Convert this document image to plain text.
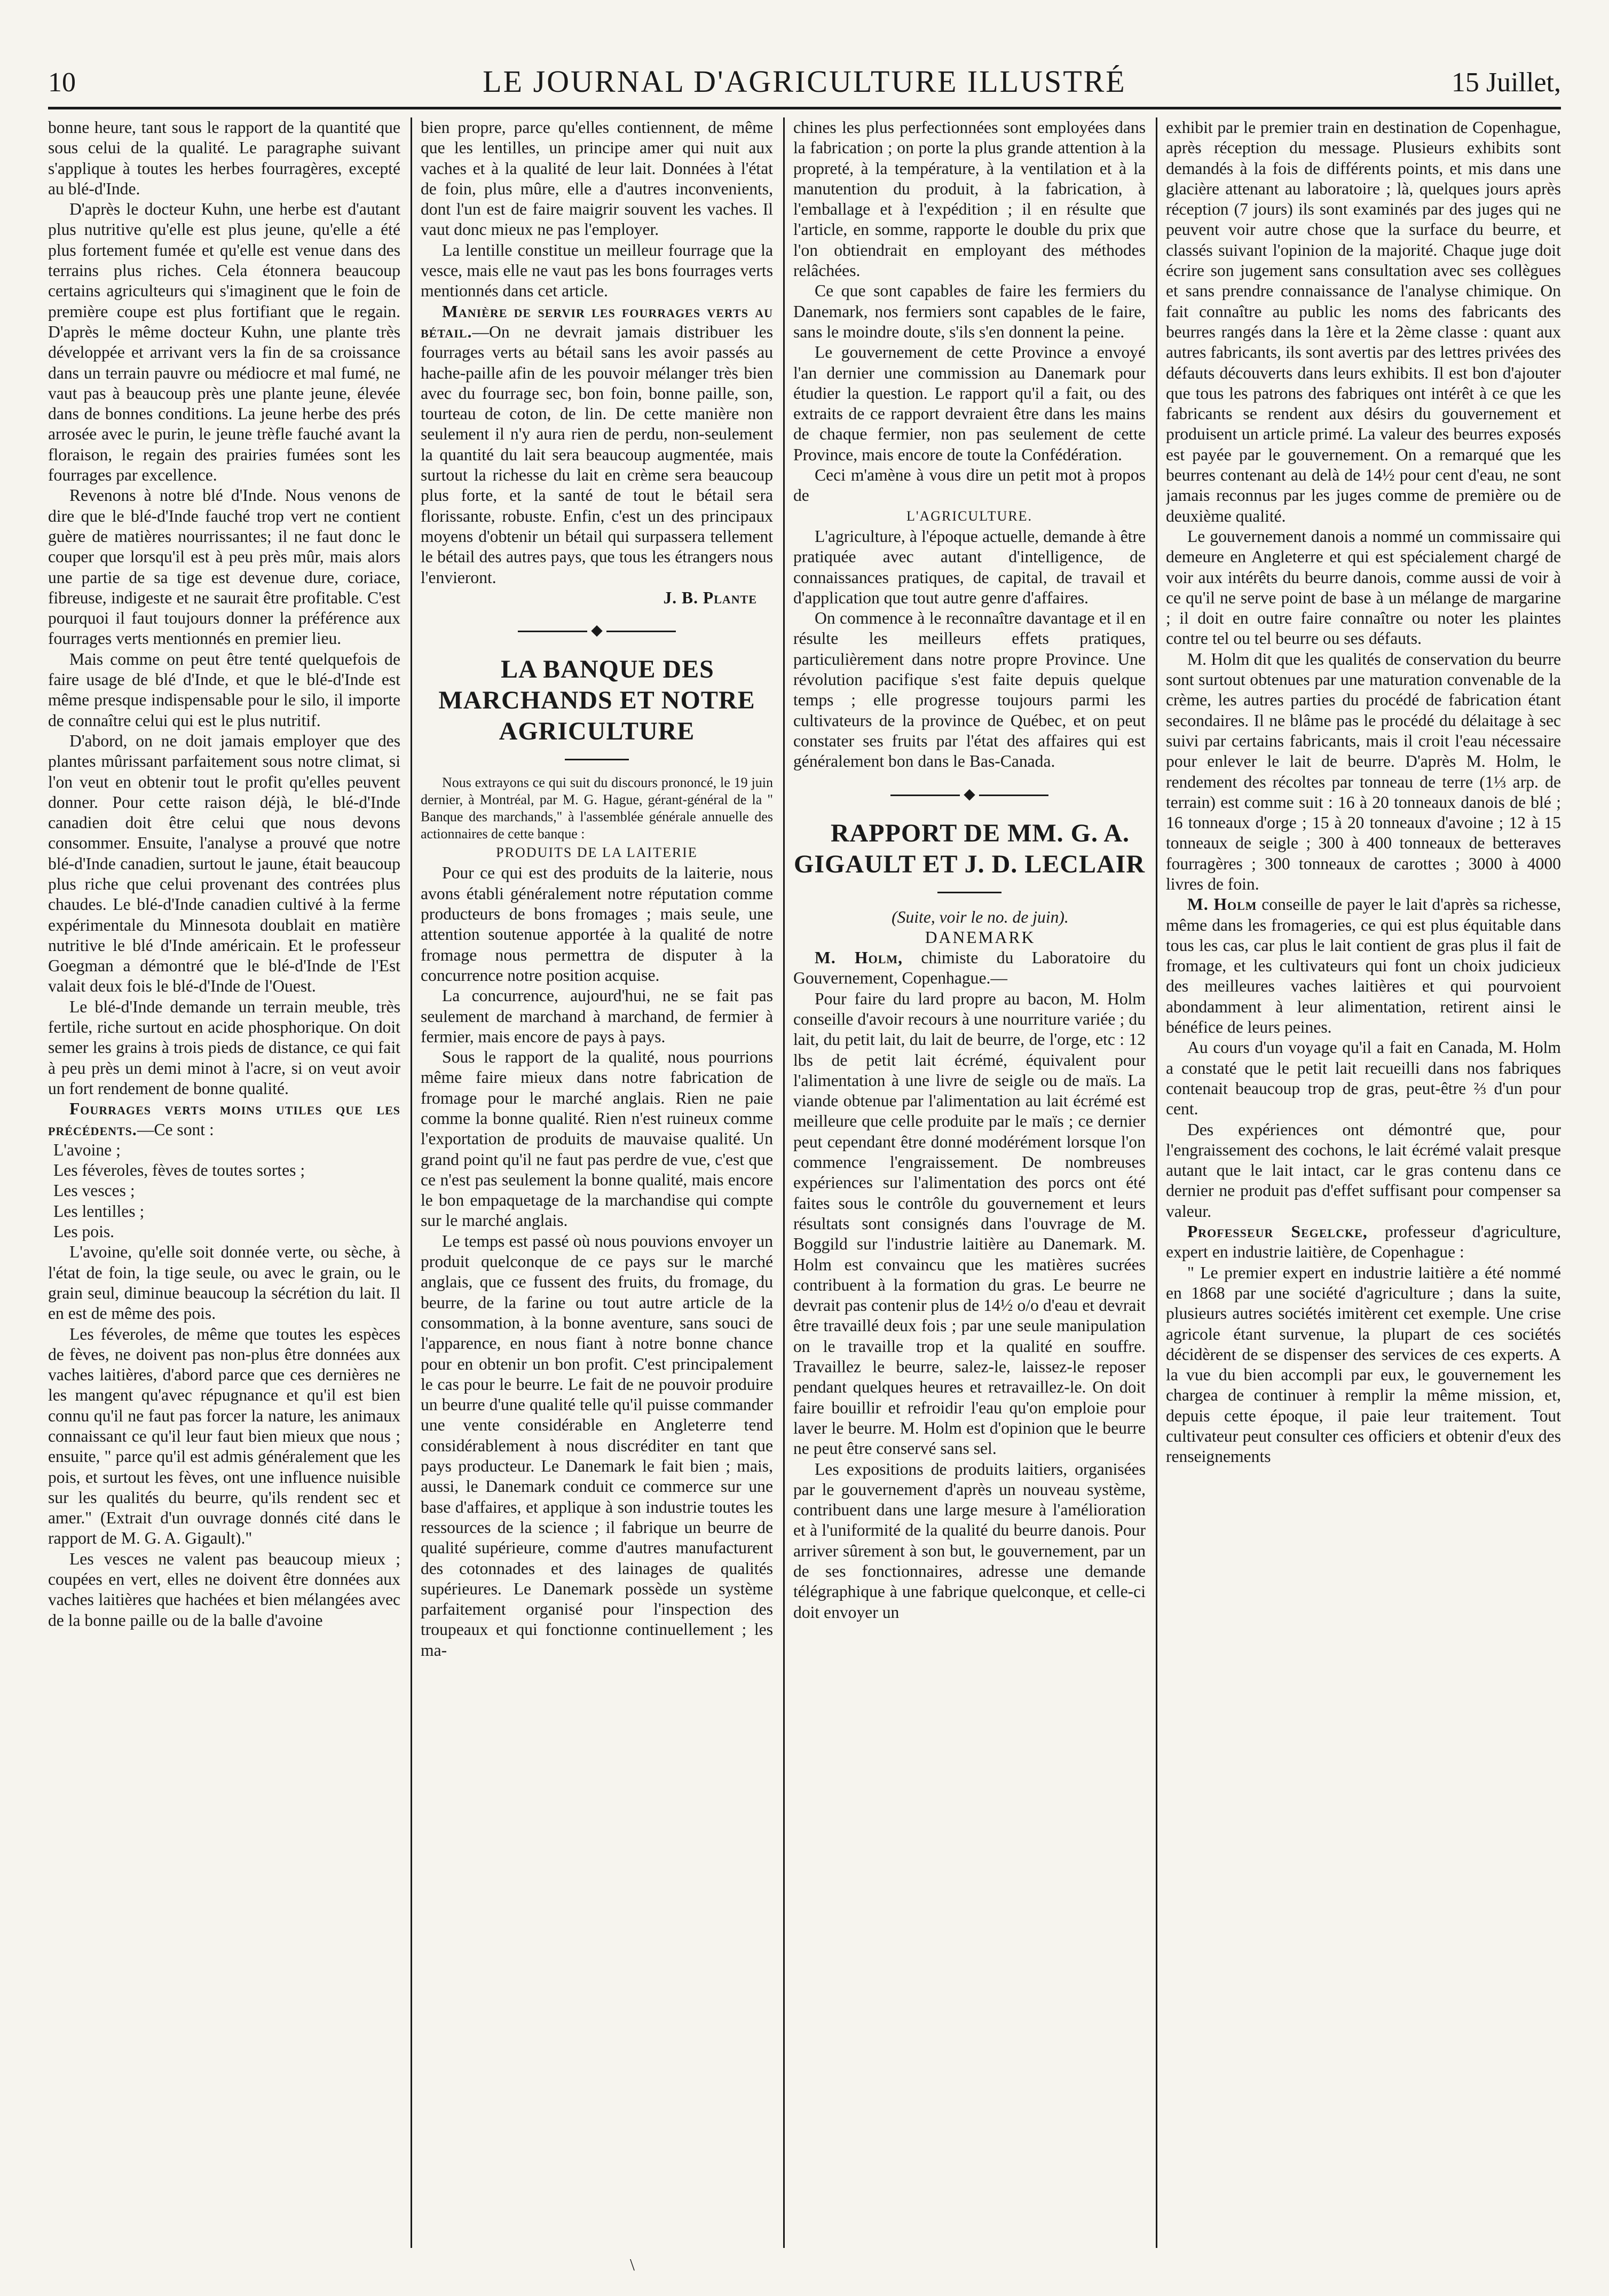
10	LE JOURNAL D'AGRICULTURE ILLUSTRÉ	15 Juillet,

bonne heure, tant sous le rapport de la quantité que sous celui de la qualité. Le paragraphe suivant s'applique à toutes les herbes fourragères, excepté au blé-d'Inde.

D'après le docteur Kuhn, une herbe est d'autant plus nutritive qu'elle est plus jeune, qu'elle a été plus fortement fumée et qu'elle est venue dans des terrains plus riches. Cela étonnera beaucoup certains agriculteurs qui s'imaginent que le foin de première coupe est plus fortifiant que le regain. D'après le même docteur Kuhn, une plante très développée et arrivant vers la fin de sa croissance dans un terrain pauvre ou médiocre et mal fumé, ne vaut pas à beaucoup près une plante jeune, élevée dans de bonnes conditions. La jeune herbe des prés arrosée avec le purin, le jeune trèfle fauché avant la floraison, le regain des prairies fumées sont les fourrages par excellence.

Revenons à notre blé d'Inde. Nous venons de dire que le blé-d'Inde fauché trop vert ne contient guère de matières nourrissantes; il ne faut donc le couper que lorsqu'il est à peu près mûr, mais alors une partie de sa tige est devenue dure, coriace, fibreuse, indigeste et ne saurait être profitable. C'est pourquoi il faut toujours donner la préférence aux fourrages verts mentionnés en premier lieu.

Mais comme on peut être tenté quelquefois de faire usage de blé d'Inde, et que le blé-d'Inde est même presque indispensable pour le silo, il importe de connaître celui qui est le plus nutritif.

D'abord, on ne doit jamais employer que des plantes mûrissant parfaitement sous notre climat, si l'on veut en obtenir tout le profit qu'elles peuvent donner. Pour cette raison déjà, le blé-d'Inde canadien doit être celui que nous devons consommer. Ensuite, l'analyse a prouvé que notre blé-d'Inde canadien, surtout le jaune, était beaucoup plus riche que celui provenant des contrées plus chaudes. Le blé-d'Inde canadien cultivé à la ferme expérimentale du Minnesota doublait en matière nutritive le blé d'Inde américain. Et le professeur Goegman a démontré que le blé-d'Inde de l'Est valait deux fois le blé-d'Inde de l'Ouest.

Le blé-d'Inde demande un terrain meuble, très fertile, riche surtout en acide phosphorique. On doit semer les grains à trois pieds de distance, ce qui fait à peu près un demi minot à l'acre, si on veut avoir un fort rendement de bonne qualité.

Fourrages verts moins utiles que les précédents.—Ce sont :

L'avoine ;

Les féveroles, fèves de toutes sortes ;

Les vesces ;

Les lentilles ;

Les pois.

L'avoine, qu'elle soit donnée verte, ou sèche, à l'état de foin, la tige seule, ou avec le grain, ou le grain seul, diminue beaucoup la sécrétion du lait. Il en est de même des pois.

Les féveroles, de même que toutes les espèces de fèves, ne doivent pas non-plus être données aux vaches laitières, d'abord parce que ces dernières ne les mangent qu'avec répugnance et qu'il est bien connu qu'il ne faut pas forcer la nature, les animaux connaissant ce qu'il leur faut bien mieux que nous ; ensuite, " parce qu'il est admis généralement que les pois, et surtout les fèves, ont une influence nuisible sur les qualités du beurre, qu'ils rendent sec et amer." (Extrait d'un ouvrage donnés cité dans le rapport de M. G. A. Gigault)."

Les vesces ne valent pas beaucoup mieux ; coupées en vert, elles ne doivent être données aux vaches laitières que hachées et bien mélangées avec de la bonne paille ou de la balle d'avoine

bien propre, parce qu'elles contiennent, de même que les lentilles, un principe amer qui nuit aux vaches et à la qualité de leur lait. Données à l'état de foin, plus mûre, elle a d'autres inconvenients, dont l'un est de faire maigrir souvent les vaches. Il vaut donc mieux ne pas l'employer.

La lentille constitue un meilleur fourrage que la vesce, mais elle ne vaut pas les bons fourrages verts mentionnés dans cet article.

Manière de servir les fourrages verts au bétail.—On ne devrait jamais distribuer les fourrages verts au bétail sans les avoir passés au hache-paille afin de les pouvoir mélanger très bien avec du fourrage sec, bon foin, bonne paille, son, tourteau de coton, de lin. De cette manière non seulement il n'y aura rien de perdu, non-seulement la quantité du lait sera beaucoup augmentée, mais surtout la richesse du lait en crème sera beaucoup plus forte, et la santé de tout le bétail sera florissante, robuste. Enfin, c'est un des principaux moyens d'obtenir un bétail qui surpassera tellement le bétail des autres pays, que tous les étrangers nous l'envieront.

J. B. Plante

◆

LA BANQUE DES MARCHANDS ET NOTRE AGRICULTURE

Nous extrayons ce qui suit du discours prononcé, le 19 juin dernier, à Montréal, par M. G. Hague, gérant-général de la " Banque des marchands," à l'assemblée générale annuelle des actionnaires de cette banque :

PRODUITS DE LA LAITERIE

Pour ce qui est des produits de la laiterie, nous avons établi généralement notre réputation comme producteurs de bons fromages ; mais seule, une attention soutenue apportée à la qualité de notre fromage nous permettra de disputer à la concurrence notre position acquise.

La concurrence, aujourd'hui, ne se fait pas seulement de marchand à marchand, de fermier à fermier, mais encore de pays à pays.

Sous le rapport de la qualité, nous pourrions même faire mieux dans notre fabrication de fromage pour le marché anglais. Rien ne paie comme la bonne qualité. Rien n'est ruineux comme l'exportation de produits de mauvaise qualité. Un grand point qu'il ne faut pas perdre de vue, c'est que ce n'est pas seulement la bonne qualité, mais encore le bon empaquetage de la marchandise qui compte sur le marché anglais.

Le temps est passé où nous pouvions envoyer un produit quelconque de ce pays sur le marché anglais, que ce fussent des fruits, du fromage, du beurre, de la farine ou tout autre article de la consommation, à la bonne aventure, sans souci de l'apparence, en nous fiant à notre bonne chance pour en obtenir un bon profit. C'est principalement le cas pour le beurre. Le fait de ne pouvoir produire un beurre d'une qualité telle qu'il puisse commander une vente considérable en Angleterre tend considérablement à nous discréditer en tant que pays producteur. Le Danemark le fait bien ; mais, aussi, le Danemark conduit ce commerce sur une base d'affaires, et applique à son industrie toutes les ressources de la science ; il fabrique un beurre de qualité supérieure, comme d'autres manufacturent des cotonnades et des lainages de qualités supérieures. Le Danemark possède un système parfaitement organisé pour l'inspection des troupeaux et qui fonctionne continuellement ; les ma-

chines les plus perfectionnées sont employées dans la fabrication ; on porte la plus grande attention à la propreté, à la température, à la ventilation et à la manutention du produit, à la fabrication, à l'emballage et à l'expédition ; il en résulte que l'article, en somme, rapporte le double du prix que l'on obtiendrait en employant des méthodes relâchées.

Ce que sont capables de faire les fermiers du Danemark, nos fermiers sont capables de le faire, sans le moindre doute, s'ils s'en donnent la peine.

Le gouvernement de cette Province a envoyé l'an dernier une commission au Danemark pour étudier la question. Le rapport qu'il a fait, ou des extraits de ce rapport devraient être dans les mains de chaque fermier, non pas seulement de cette Province, mais encore de toute la Confédération.

Ceci m'amène à vous dire un petit mot à propos de

L'AGRICULTURE.

L'agriculture, à l'époque actuelle, demande à être pratiquée avec autant d'intelligence, de connaissances pratiques, de capital, de travail et d'application que tout autre genre d'affaires.

On commence à le reconnaître davantage et il en résulte les meilleurs effets pratiques, particulièrement dans notre propre Province. Une révolution pacifique s'est faite depuis quelque temps ; elle progresse toujours parmi les cultivateurs de la province de Québec, et on peut constater ses fruits par l'état des affaires qui est généralement bon dans le Bas-Canada.

◆

RAPPORT DE MM. G. A. GIGAULT ET J. D. LECLAIR

(Suite, voir le no. de juin).

DANEMARK

M. Holm, chimiste du Laboratoire du Gouvernement, Copenhague.—

Pour faire du lard propre au bacon, M. Holm conseille d'avoir recours à une nourriture variée ; du lait, du petit lait, du lait de beurre, de l'orge, etc : 12 lbs de petit lait écrémé, équivalent pour l'alimentation à une livre de seigle ou de maïs. La viande obtenue par l'alimentation au lait écrémé est meilleure que celle produite par le maïs ; ce dernier peut cependant être donné modérément lorsque l'on commence l'engraissement. De nombreuses expériences sur l'alimentation des porcs ont été faites sous le contrôle du gouvernement et leurs résultats sont consignés dans l'ouvrage de M. Boggild sur l'industrie laitière au Danemark. M. Holm est convaincu que les matières sucrées contribuent à la formation du gras. Le beurre ne devrait pas contenir plus de 14½ o/o d'eau et devrait être travaillé deux fois ; par une seule manipulation on le travaille trop et la qualité en souffre. Travaillez le beurre, salez-le, laissez-le reposer pendant quelques heures et retravaillez-le. On doit faire bouillir et refroidir l'eau qu'on emploie pour laver le beurre. M. Holm est d'opinion que le beurre ne peut être conservé sans sel.

Les expositions de produits laitiers, organisées par le gouvernement d'après un nouveau système, contribuent dans une large mesure à l'amélioration et à l'uniformité de la qualité du beurre danois. Pour arriver sûrement à son but, le gouvernement, par un de ses fonctionnaires, adresse une demande télégraphique à une fabrique quelconque, et celle-ci doit envoyer un

exhibit par le premier train en destination de Copenhague, après réception du message. Plusieurs exhibits sont demandés à la fois de différents points, et mis dans une glacière attenant au laboratoire ; là, quelques jours après réception (7 jours) ils sont examinés par des juges qui ne peuvent voir autre chose que la surface du beurre, et classés suivant l'opinion de la majorité. Chaque juge doit écrire son jugement sans consultation avec ses collègues et sans prendre connaissance de l'analyse chimique. On fait connaître au public les noms des fabricants des beurres rangés dans la 1ère et la 2ème classe : quant aux autres fabricants, ils sont avertis par des lettres privées des défauts découverts dans leurs exhibits. Il est bon d'ajouter que tous les patrons des fabriques ont intérêt à ce que les fabricants se rendent aux désirs du gouvernement et produisent un article primé. La valeur des beurres exposés est payée par le gouvernement. On a remarqué que les beurres contenant au delà de 14½ pour cent d'eau, ne sont jamais reconnus par les juges comme de première ou de deuxième qualité.

Le gouvernement danois a nommé un commissaire qui demeure en Angleterre et qui est spécialement chargé de voir aux intérêts du beurre danois, comme aussi de voir à ce qu'il ne serve point de base à un mélange de margarine ; il doit en outre faire connaître ou noter les plaintes contre tel ou tel beurre ou ses défauts.

M. Holm dit que les qualités de conservation du beurre sont surtout obtenues par une maturation convenable de la crème, les autres parties du procédé de fabrication étant secondaires. Il ne blâme pas le procédé du délaitage à sec suivi par certains fabricants, mais il croit l'eau nécessaire pour enlever le lait de beurre. D'après M. Holm, le rendement des récoltes par tonneau de terre (1⅓ arp. de terrain) est comme suit : 16 à 20 tonneaux danois de blé ; 16 tonneaux d'orge ; 15 à 20 tonneaux d'avoine ; 12 à 15 tonneaux de seigle ; 300 à 400 tonneaux de betteraves fourragères ; 300 tonneaux de carottes ; 3000 à 4000 livres de foin.

M. Holm conseille de payer le lait d'après sa richesse, même dans les fromageries, ce qui est plus équitable dans tous les cas, car plus le lait contient de gras plus il fait de fromage, et les cultivateurs qui font un choix judicieux des meilleures vaches laitières et qui pourvoient abondamment à leur alimentation, retirent ainsi le bénéfice de leurs peines.

Au cours d'un voyage qu'il a fait en Canada, M. Holm a constaté que le petit lait recueilli dans nos fabriques contenait beaucoup trop de gras, peut-être ⅔ d'un pour cent.

Des expériences ont démontré que, pour l'engraissement des cochons, le lait écrémé valait presque autant que le lait intact, car le gras contenu dans ce dernier ne produit pas d'effet suffisant pour compenser sa valeur.

Professeur Segelcke, professeur d'agriculture, expert en industrie laitière, de Copenhague :

" Le premier expert en industrie laitière a été nommé en 1868 par une société d'agriculture ; dans la suite, plusieurs autres sociétés imitèrent cet exemple. Une crise agricole étant survenue, la plupart de ces sociétés décidèrent de se dispenser des services de ces experts. A la vue du bien accompli par eux, le gouvernement les chargea de continuer à remplir la même mission, et, depuis cette époque, il paie leur traitement. Tout cultivateur peut consulter ces officiers et obtenir d'eux des renseignements

\
